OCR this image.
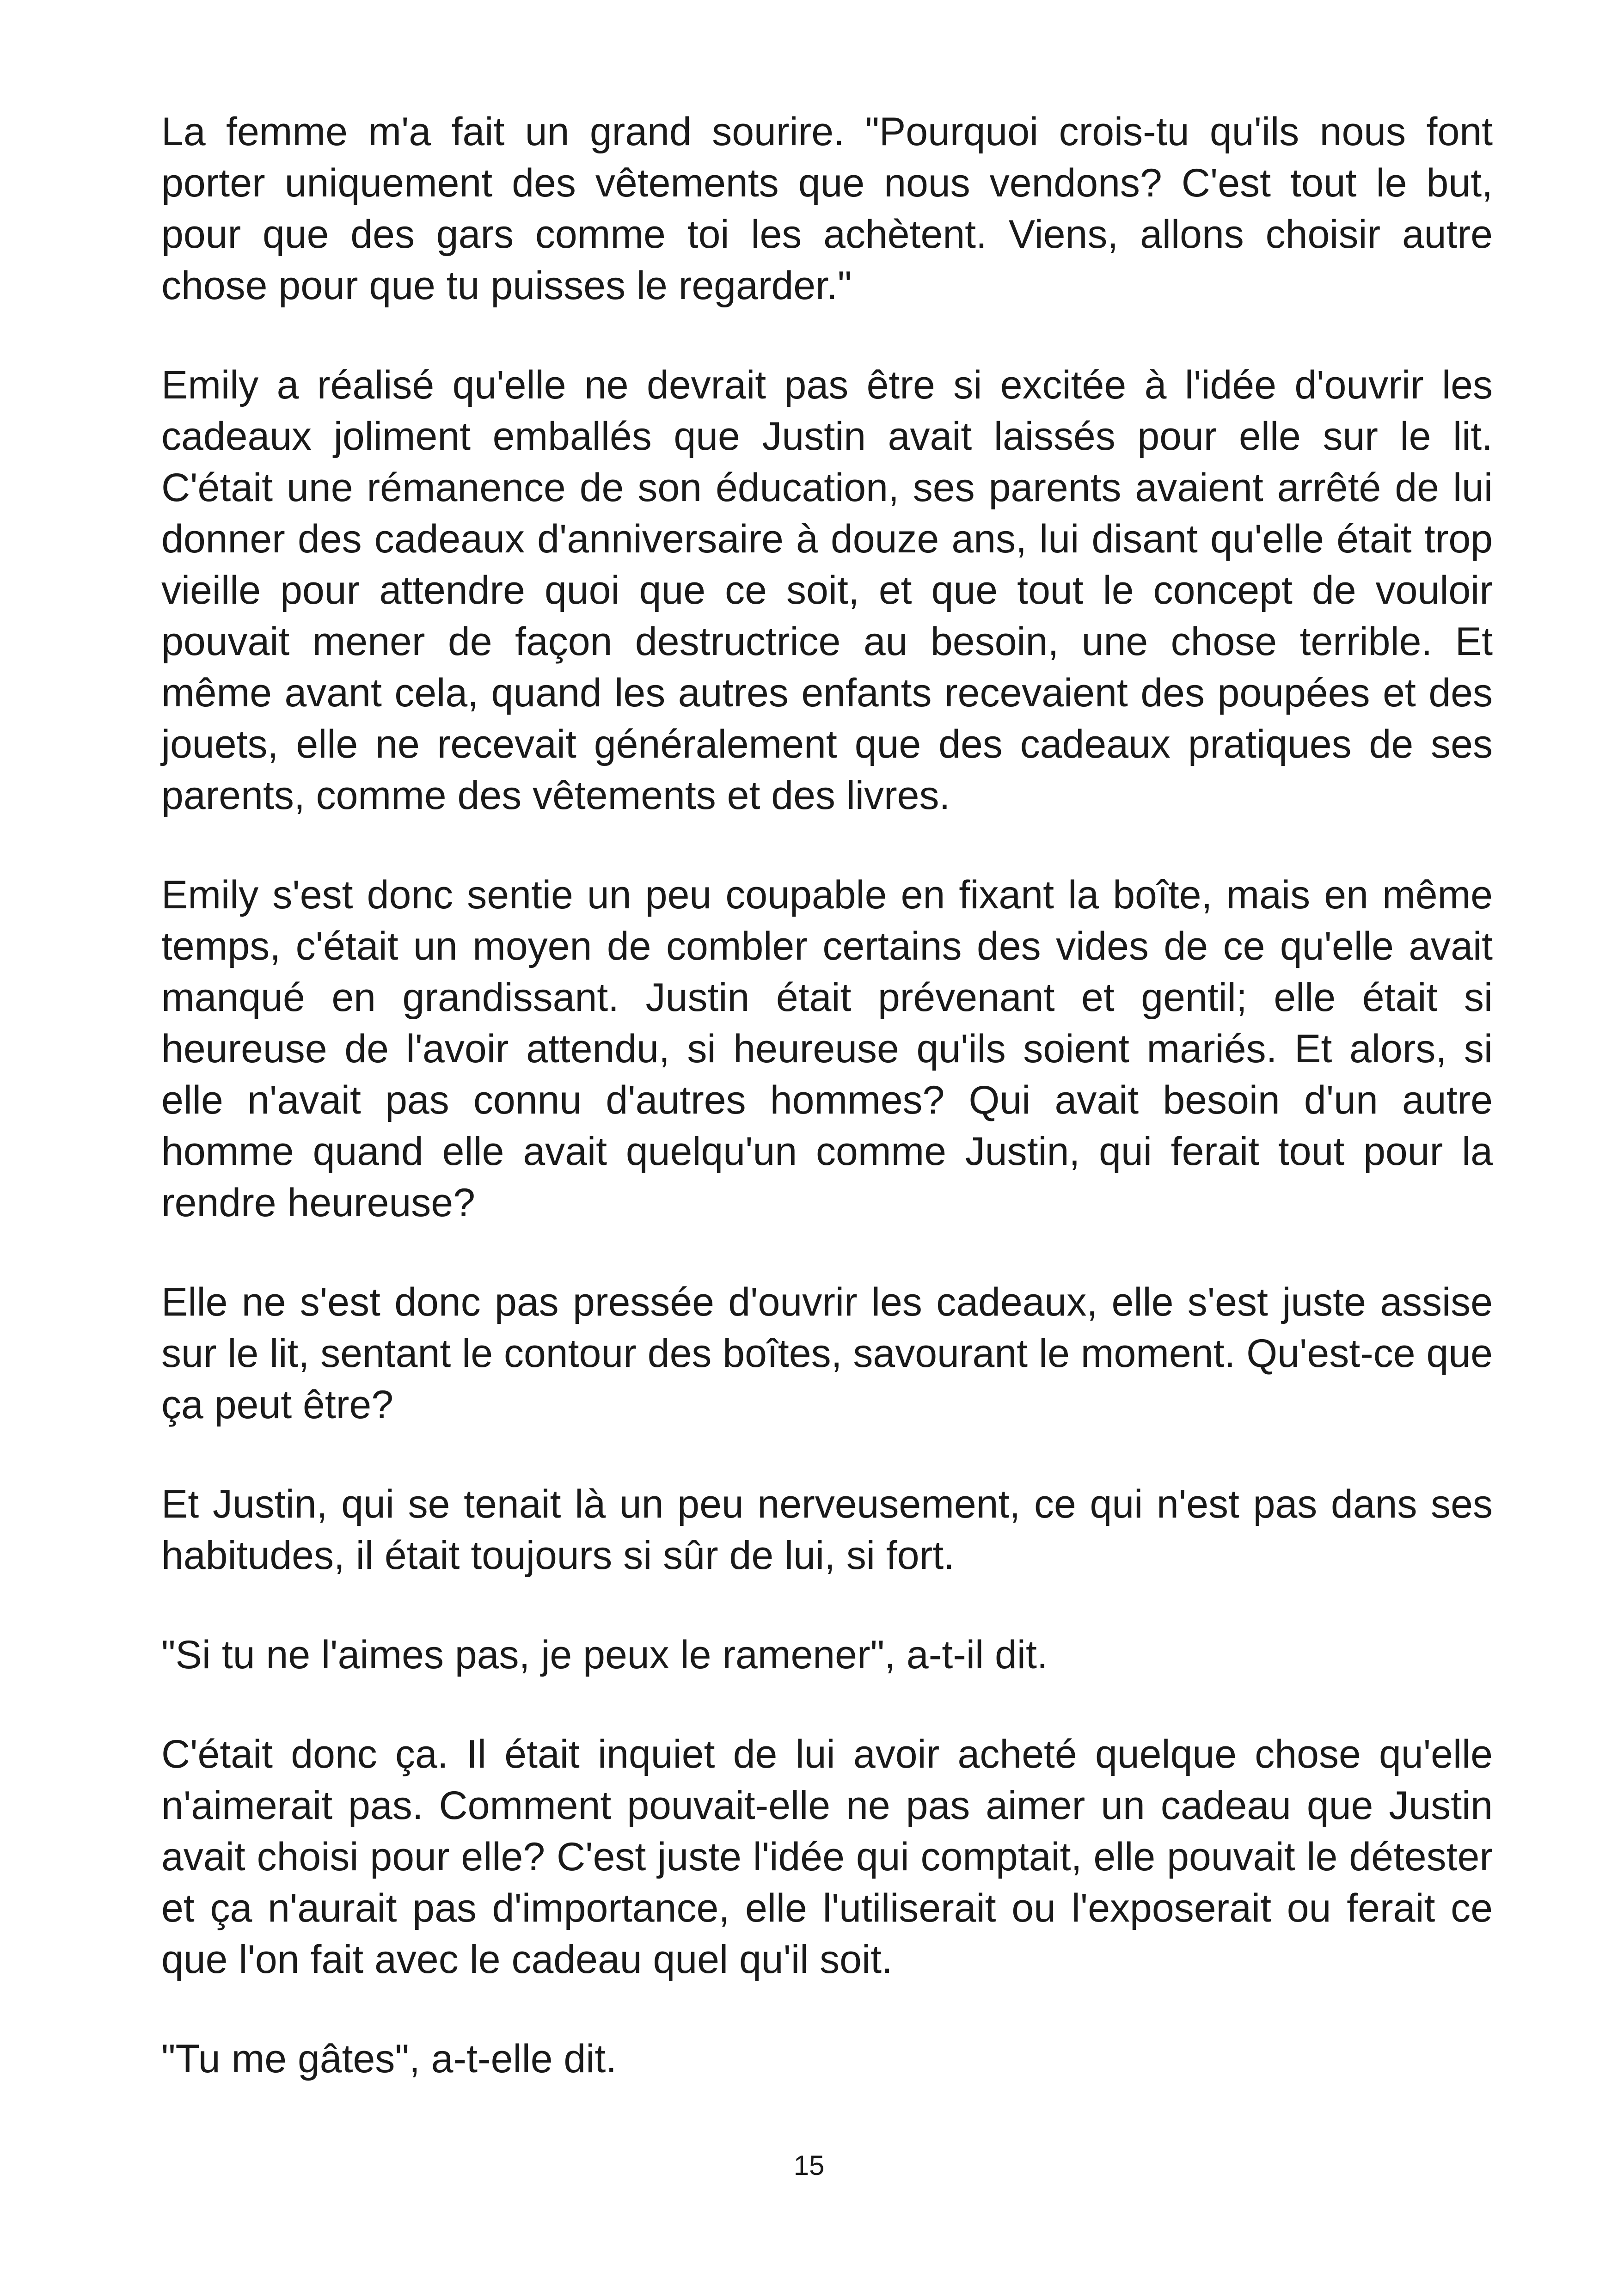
La femme m'a fait un grand sourire. "Pourquoi crois-tu qu'ils nous font porter uniquement des vêtements que nous vendons? C'est tout le but, pour que des gars comme toi les achètent. Viens, allons choisir autre chose pour que tu puisses le regarder."

Emily a réalisé qu'elle ne devrait pas être si excitée à l'idée d'ouvrir les cadeaux joliment emballés que Justin avait laissés pour elle sur le lit. C'était une rémanence de son éducation, ses parents avaient arrêté de lui donner des cadeaux d'anniversaire à douze ans, lui disant qu'elle était trop vieille pour attendre quoi que ce soit, et que tout le concept de vouloir pouvait mener de façon destructrice au besoin, une chose terrible. Et même avant cela, quand les autres enfants recevaient des poupées et des jouets, elle ne recevait généralement que des cadeaux pratiques de ses parents, comme des vêtements et des livres.

Emily s'est donc sentie un peu coupable en fixant la boîte, mais en même temps, c'était un moyen de combler certains des vides de ce qu'elle avait manqué en grandissant. Justin était prévenant et gentil; elle était si heureuse de l'avoir attendu, si heureuse qu'ils soient mariés. Et alors, si elle n'avait pas connu d'autres hommes? Qui avait besoin d'un autre homme quand elle avait quelqu'un comme Justin, qui ferait tout pour la rendre heureuse?

Elle ne s'est donc pas pressée d'ouvrir les cadeaux, elle s'est juste assise sur le lit, sentant le contour des boîtes, savourant le moment. Qu'est-ce que ça peut être?

Et Justin, qui se tenait là un peu nerveusement, ce qui n'est pas dans ses habitudes, il était toujours si sûr de lui, si fort.

"Si tu ne l'aimes pas, je peux le ramener", a-t-il dit.

C'était donc ça. Il était inquiet de lui avoir acheté quelque chose qu'elle n'aimerait pas. Comment pouvait-elle ne pas aimer un cadeau que Justin avait choisi pour elle? C'est juste l'idée qui comptait, elle pouvait le détester et ça n'aurait pas d'importance, elle l'utiliserait ou l'exposerait ou ferait ce que l'on fait avec le cadeau quel qu'il soit.

"Tu me gâtes", a-t-elle dit.

15
